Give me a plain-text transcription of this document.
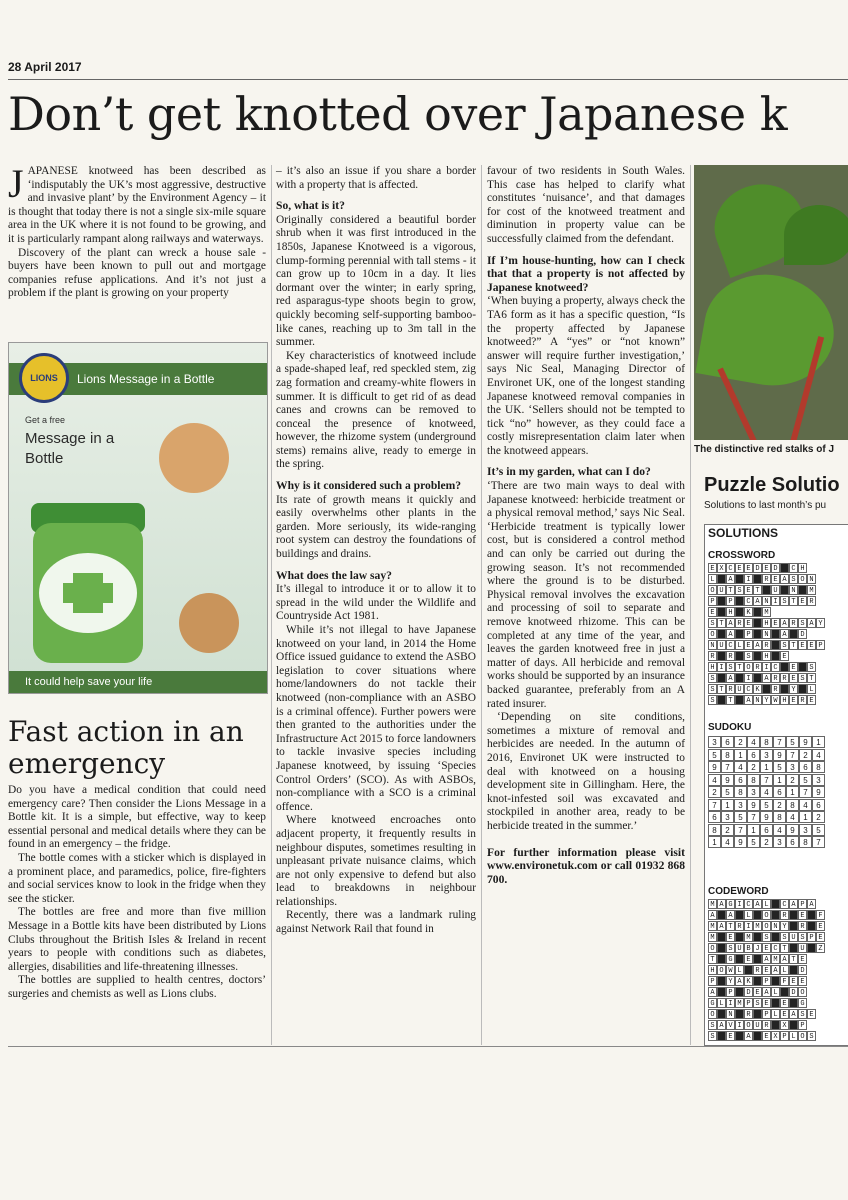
28 April 2017
Don’t get knotted over Japanese k

JAPANESE knotweed has been described as ‘indisputably the UK’s most aggressive, destructive and invasive plant’ by the Environment Agency – it is thought that today there is not a single six-mile square area in the UK where it is not found to be growing, and it is particularly rampant along railways and waterways.

Discovery of the plant can wreck a house sale - buyers have been known to pull out and mortgage companies refuse applications. And it’s not just a problem if the plant is growing on your property

LIONS	Lions Message in a Bottle
Get a free
Message in a Bottle
It could help save your life
Fast action in an emergency

Do you have a medical condition that could need emergency care? Then consider the Lions Message in a Bottle kit. It is a simple, but effective, way to keep essential personal and medical details where they can be found in an emergency – the fridge.

The bottle comes with a sticker which is displayed in a prominent place, and paramedics, police, fire-fighters and social services know to look in the fridge when they see the sticker.

The bottles are free and more than five million Message in a Bottle kits have been distributed by Lions Clubs throughout the British Isles & Ireland in recent years to people with conditions such as diabetes, allergies, disabilities and life-threatening illnesses.

The bottles are supplied to health centres, doctors’ surgeries and chemists as well as Lions clubs.

– it’s also an issue if you share a border with a property that is affected.

So, what is it?

Originally considered a beautiful border shrub when it was first introduced in the 1850s, Japanese Knotweed is a vigorous, clump-forming perennial with tall stems - it can grow up to 10cm in a day. It lies dormant over the winter; in early spring, red asparagus-type shoots begin to grow, quickly becoming self-supporting bamboo-like canes, reaching up to 3m tall in the summer.

Key characteristics of knotweed include a spade-shaped leaf, red speckled stem, zig zag formation and creamy-white flowers in summer. It is difficult to get rid of as dead canes and crowns can be removed to conceal the presence of knotweed, however, the rhizome system (underground stems) remains alive, ready to emerge in the spring.

Why is it considered such a problem?

Its rate of growth means it quickly and easily overwhelms other plants in the garden. More seriously, its wide-ranging root system can destroy the foundations of buildings and drains.

What does the law say?

It’s illegal to introduce it or to allow it to spread in the wild under the Wildlife and Countryside Act 1981.

While it’s not illegal to have Japanese knotweed on your land, in 2014 the Home Office issued guidance to extend the ASBO legislation to cover situations where home/landowners do not tackle their knotweed (non-compliance with an ASBO is a criminal offence). Further powers were then granted to the authorities under the Infrastructure Act 2015 to force landowners to tackle invasive species including Japanese knotweed, by issuing ‘Species Control Orders’ (SCO). As with ASBOs, non-compliance with a SCO is a criminal offence.

Where knotweed encroaches onto adjacent property, it frequently results in neighbour disputes, sometimes resulting in unpleasant private nuisance claims, which are not only expensive to defend but also lead to breakdowns in neighbour relationships.

Recently, there was a landmark ruling against Network Rail that found in

favour of two residents in South Wales. This case has helped to clarify what constitutes ‘nuisance’, and that damages for cost of the knotweed treatment and diminution in property value can be successfully claimed from the defendant.

If I’m house-hunting, how can I check that that a property is not affected by Japanese knotweed?

‘When buying a property, always check the TA6 form as it has a specific question, “Is the property affected by Japanese knotweed?” A “yes” or “not known” answer will require further investigation,’ says Nic Seal, Managing Director of Environet UK, one of the longest standing Japanese knotweed removal companies in the UK. ‘Sellers should not be tempted to tick “no” however, as they could face a costly misrepresentation claim later when the knotweed appears.

It’s in my garden, what can I do?

‘There are two main ways to deal with Japanese knotweed: herbicide treatment or a physical removal method,’ says Nic Seal. ‘Herbicide treatment is typically lower cost, but is considered a control method and can only be carried out during the growing season. It’s not recommended where the ground is to be disturbed. Physical removal involves the excavation and processing of soil to separate and remove knotweed rhizome. This can be completed at any time of the year, and leaves the garden knotweed free in just a matter of days. All herbicide and removal works should be supported by an insurance backed guarantee, preferably from an A rated insurer.

‘Depending on site conditions, sometimes a mixture of removal and herbicides are needed. In the autumn of 2016, Environet UK were instructed to deal with knotweed on a housing development site in Gillingham. Here, the knot-infested soil was excavated and stockpiled in another area, ready to be herbicide treated in the summer.’

For further information please visit www.environetuk.com or call 01932 868 700.
The distinctive red stalks of J
Puzzle Solutio
Solutions to last month’s pu
SOLUTIONS
CROSSWORD
E X C E E D E D	C H
L	A	I	R E A S O N
O U T S E T	U	N	M
P	P	C A N I S T E R
E	H	K	M
S T A R E	H E A R S A Y
O	A	P	N	A	D
N U C L E A R	S T E E P
R	R	S	H	E
H I S T O R I C	E	S
S	A	I	A R R E S T
S T R U C K	R	Y	L
S	T	A N Y W H E R E
SUDOKU
3	6	2	4	8	7	5	9	1
5	8	1	6	3	9	7	2	4
9	7	4	2	1	5	3	6	8
4	9	6	8	7	1	2	5	3
2	5	8	3	4	6	1	7	9
7	1	3	9	5	2	8	4	6
6	3	5	7	9	8	4	1	2
8	2	7	1	6	4	9	3	5
1	4	9	5	2	3	6	8	7
CODEWORD
M A G I C A L	C A P A
A	A	L	O	R	E	F
M A T R I M O N Y	R	E
M	E	M	S	S U S P E
O	S U B J E C T	U	Z
T	G	E	A M A T E
H O W L	R E A L	D
P	Y A K	P	F E E
A	P	D E A L	D O
G L I M P S E	E	G
O	N	R	P L E A S E
S A V I O U R	X	P
S	E	A	E X P L O S
